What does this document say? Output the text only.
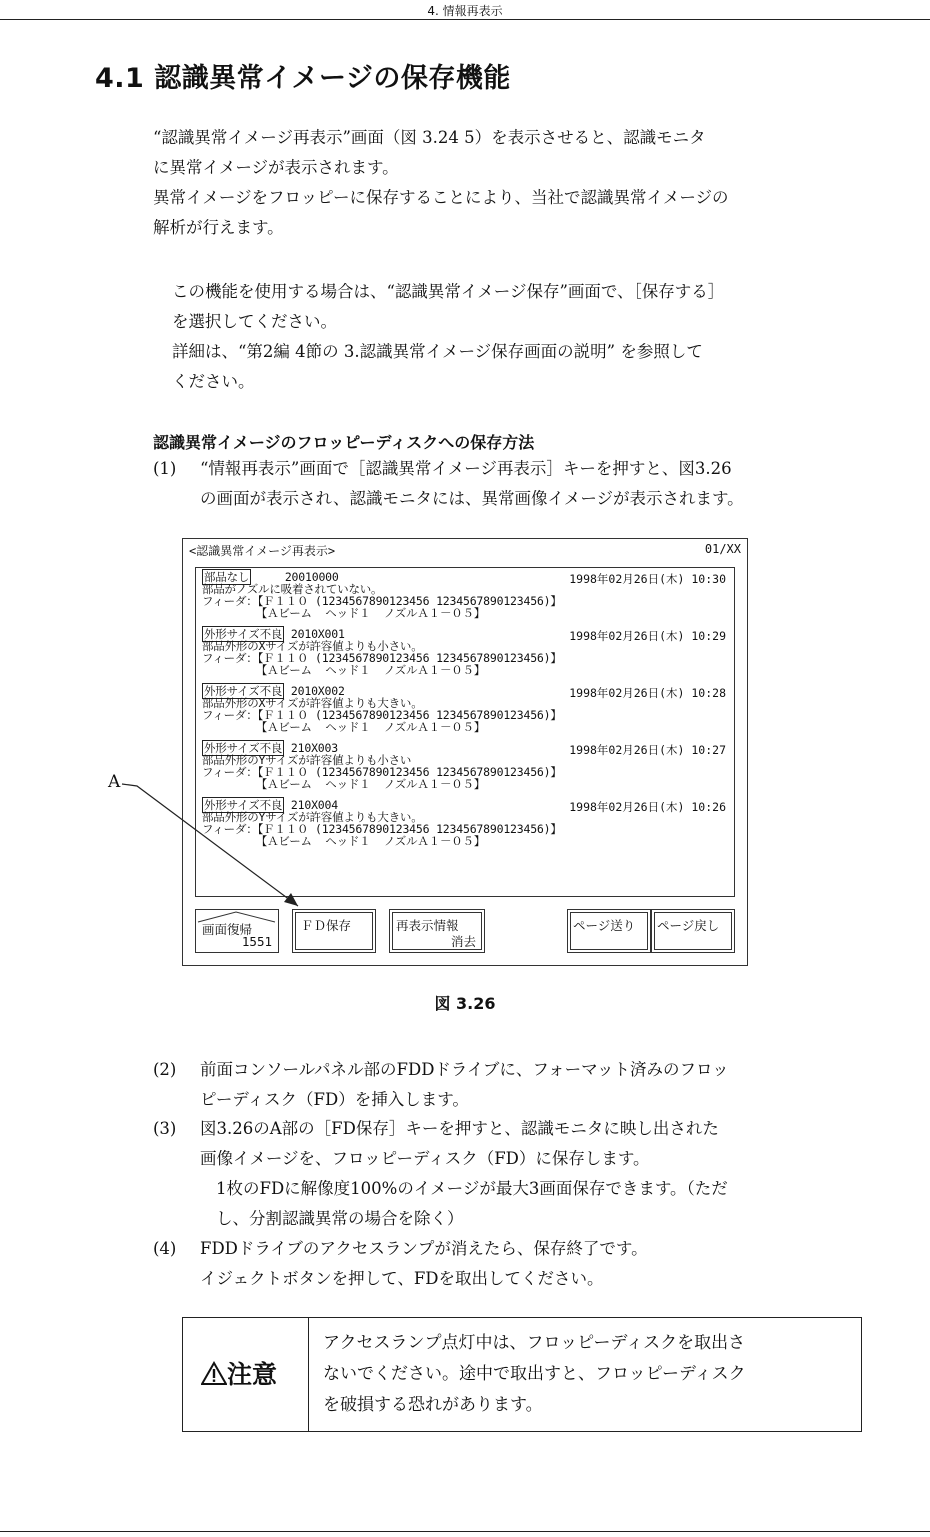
4. 情報再表示
4.1 認識異常イメージの保存機能
“認識異常イメージ再表示”画面（図 3.24 5）を表示させると、認識モニタ
に異常イメージが表示されます。
異常イメージをフロッピーに保存することにより、当社で認識異常イメージの
解析が行えます。
この機能を使用する場合は、“認識異常イメージ保存”画面で、［保存する］
を選択してください。
詳細は、“第2編 4節の 3.認識異常イメージ保存画面の説明” を参照して
ください。
認識異常イメージのフロッピーディスクへの保存方法
(1) “情報再表示”画面で［認識異常イメージ再表示］キーを押すと、図3.26
の画面が表示され、認識モニタには、異常画像イメージが表示されます。
<認識異常イメージ再表示>	01/XX
部品なし     20010000	1998年02月26日(木) 10:30
部品がノズルに吸着されていない。
フィーダ：【Ｆ１１０ (1234567890123456 1234567890123456)】
【Ａビーム  ヘッド１  ノズルＡ１－０５】
外形サイズ不良 2010X001	1998年02月26日(木) 10:29
部品外形のXサイズが許容値よりも小さい。
フィーダ：【Ｆ１１０ (1234567890123456 1234567890123456)】
【Ａビーム  ヘッド１  ノズルＡ１－０５】
外形サイズ不良 2010X002	1998年02月26日(木) 10:28
部品外形のXサイズが許容値よりも大きい。
フィーダ：【Ｆ１１０ (1234567890123456 1234567890123456)】
【Ａビーム  ヘッド１  ノズルＡ１－０５】
外形サイズ不良 210X003	1998年02月26日(木) 10:27
部品外形のYサイズが許容値よりも小さい
フィーダ：【Ｆ１１０ (1234567890123456 1234567890123456)】
【Ａビーム  ヘッド１  ノズルＡ１－０５】
外形サイズ不良 210X004	1998年02月26日(木) 10:26
部品外形のYサイズが許容値よりも大きい。
フィーダ：【Ｆ１１０ (1234567890123456 1234567890123456)】
【Ａビーム  ヘッド１  ノズルＡ１－０５】
画面復帰
1551
ＦＤ保存	再表示情報
消去
ページ送り ページ戻し
A
図 3.26
(2) 前面コンソールパネル部のFDDドライブに、フォーマット済みのフロッ
ピーディスク（FD）を挿入します。
(3) 図3.26のA部の［FD保存］キーを押すと、認識モニタに映し出された
画像イメージを、フロッピーディスク（FD）に保存します。
1枚のFDに解像度100%のイメージが最大3画面保存できます。（ただ
し、分割認識異常の場合を除く）
(4) FDDドライブのアクセスランプが消えたら、保存終了です。
イジェクトボタンを押して、FDを取出してください。
注意
アクセスランプ点灯中は、フロッピーディスクを取出さ
ないでください。途中で取出すと、フロッピーディスク
を破損する恐れがあります。
